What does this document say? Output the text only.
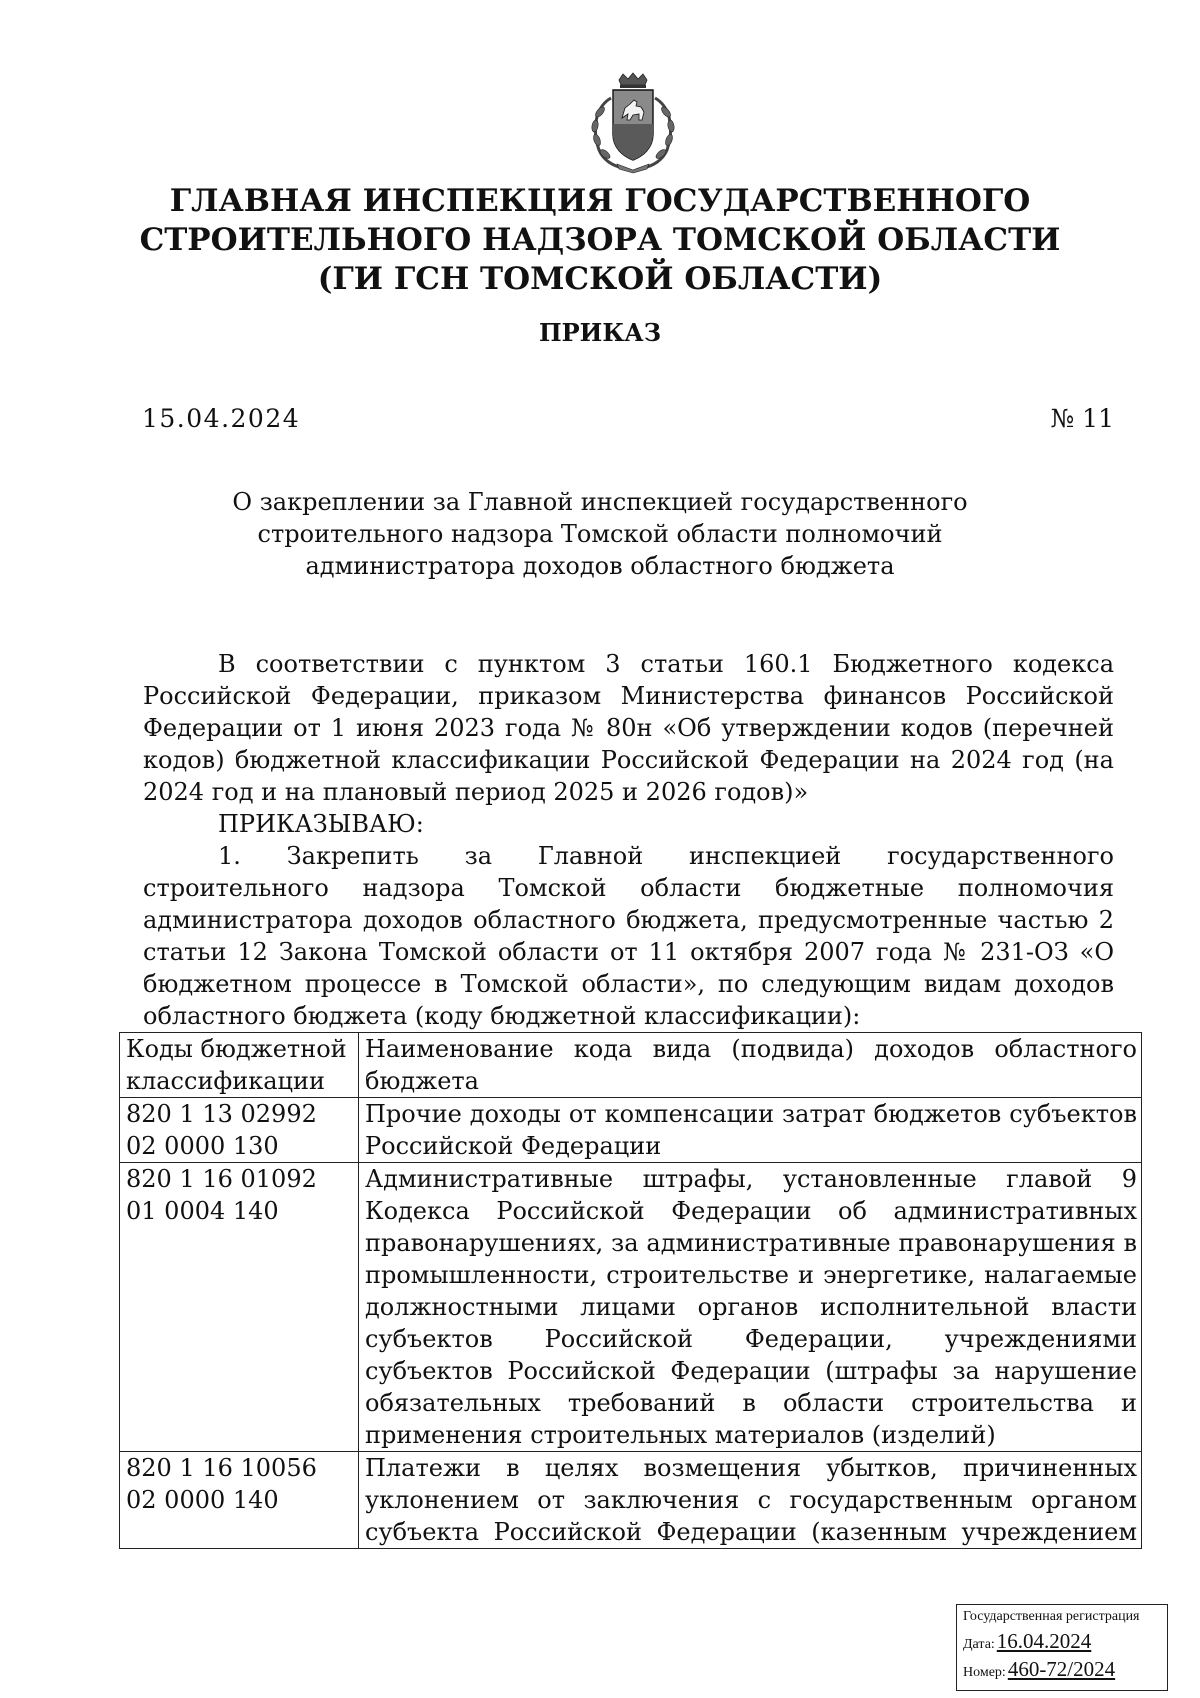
ГЛАВНАЯ ИНСПЕКЦИЯ ГОСУДАРСТВЕННОГО
СТРОИТЕЛЬНОГО НАДЗОРА ТОМСКОЙ ОБЛАСТИ
(ГИ ГСН ТОМСКОЙ ОБЛАСТИ)
ПРИКАЗ
15.04.2024	№ 11
О закреплении за Главной инспекцией государственного строительного надзора Томской области полномочий администратора доходов областного бюджета
В соответствии с пунктом 3 статьи 160.1 Бюджетного кодекса Российской Федерации, приказом Министерства финансов Российской Федерации от 1 июня 2023 года № 80н «Об утверждении кодов (перечней кодов) бюджетной классификации Российской Федерации на 2024 год (на 2024 год и на плановый период 2025 и 2026 годов)»
ПРИКАЗЫВАЮ:
1. Закрепить за Главной инспекцией государственного строительного надзора Томской области бюджетные полномочия администратора доходов областного бюджета, предусмотренные частью 2 статьи 12 Закона Томской области от 11 октября 2007 года № 231-ОЗ «О бюджетном процессе в Томской области», по следующим видам доходов областного бюджета (коду бюджетной классификации):
Коды бюджетной классификации	Наименование кода вида (подвида) доходов областного бюджета
820 1 13 02992 02 0000 130	Прочие доходы от компенсации затрат бюджетов субъектов Российской Федерации
820 1 16 01092 01 0004 140	Административные штрафы, установленные главой 9 Кодекса Российской Федерации об административных правонарушениях, за административные правонарушения в промышленности, строительстве и энергетике, налагаемые должностными лицами органов исполнительной власти субъектов Российской Федерации, учреждениями субъектов Российской Федерации (штрафы за нарушение обязательных требований в области строительства и применения строительных материалов (изделий)
820 1 16 10056 02 0000 140	Платежи в целях возмещения убытков, причиненных уклонением от заключения с государственным органом субъекта Российской Федерации (казенным учреждением
Государственная регистрация
Дата:16.04.2024
Номер:460-72/2024
